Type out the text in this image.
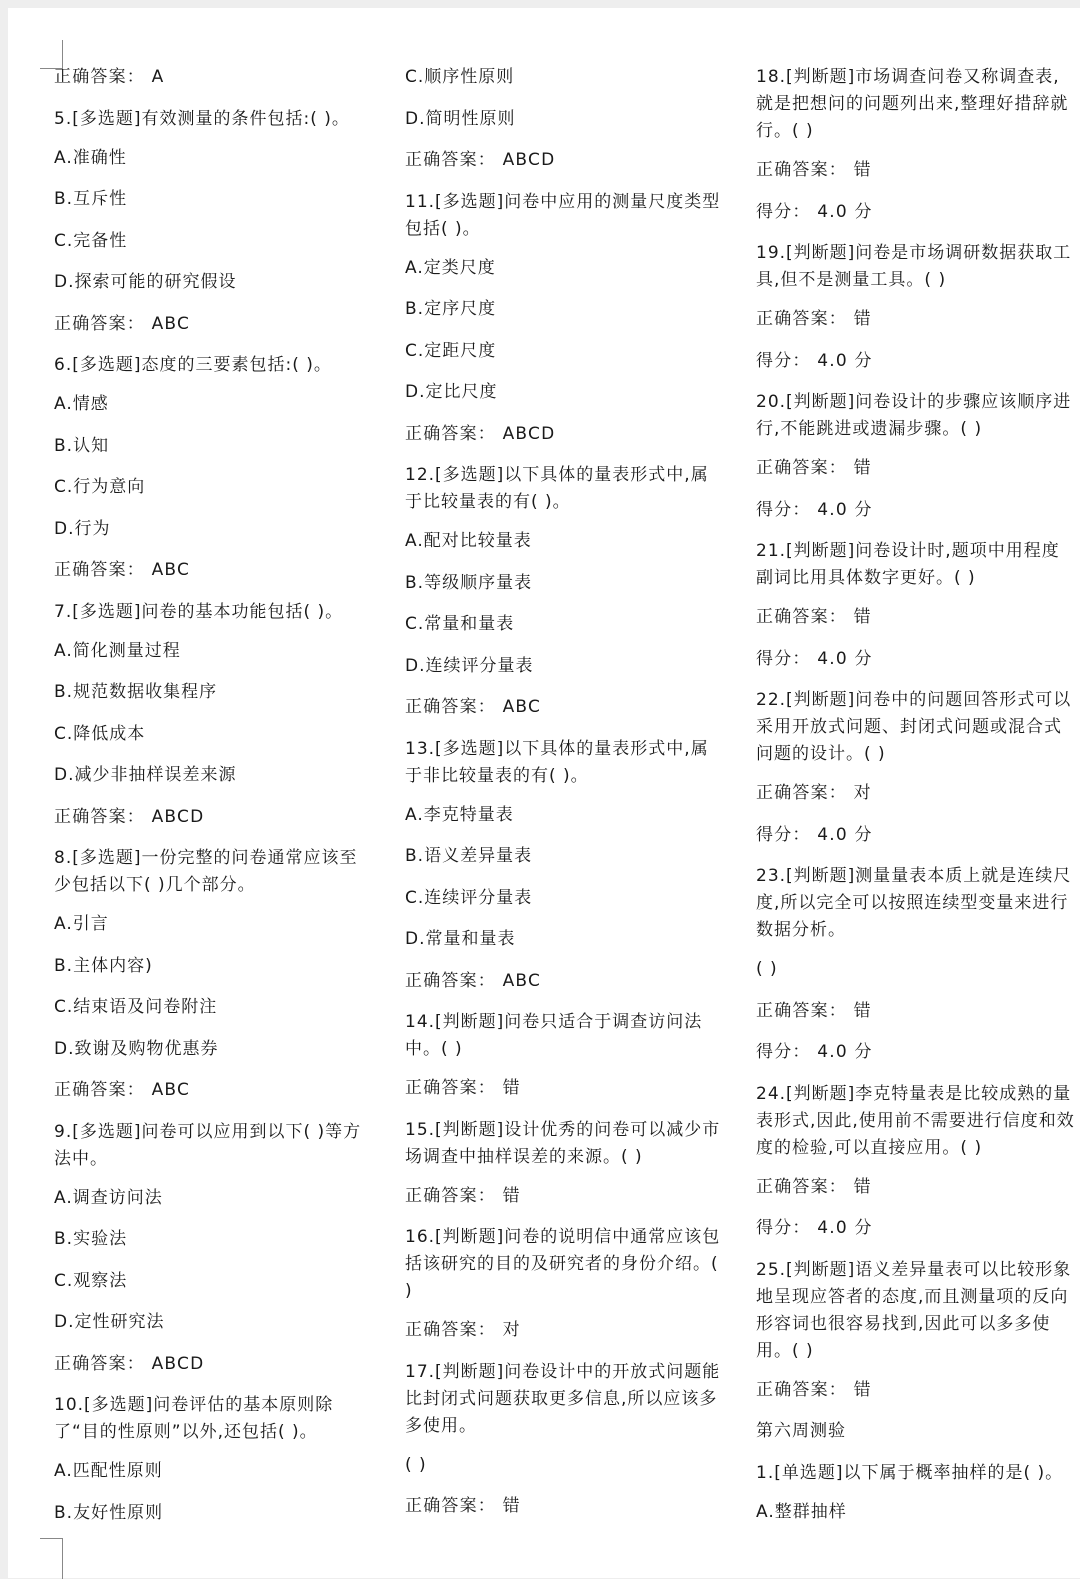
正确答案： A
5.[多选题]有效测量的条件包括:( )。
A.准确性
B.互斥性
C.完备性
D.探索可能的研究假设
正确答案： ABC
6.[多选题]态度的三要素包括:( )。
A.情感
B.认知
C.行为意向
D.行为
正确答案： ABC
7.[多选题]问卷的基本功能包括( )。
A.简化测量过程
B.规范数据收集程序
C.降低成本
D.减少非抽样误差来源
正确答案： ABCD
8.[多选题]一份完整的问卷通常应该至少包括以下( )几个部分。
A.引言
B.主体内容)
C.结束语及问卷附注
D.致谢及购物优惠券
正确答案： ABC
9.[多选题]问卷可以应用到以下( )等方法中。
A.调查访问法
B.实验法
C.观察法
D.定性研究法
正确答案： ABCD
10.[多选题]问卷评估的基本原则除了“目的性原则”以外,还包括( )。
A.匹配性原则
B.友好性原则
C.顺序性原则
D.简明性原则
正确答案： ABCD
11.[多选题]问卷中应用的测量尺度类型包括( )。
A.定类尺度
B.定序尺度
C.定距尺度
D.定比尺度
正确答案： ABCD
12.[多选题]以下具体的量表形式中,属于比较量表的有( )。
A.配对比较量表
B.等级顺序量表
C.常量和量表
D.连续评分量表
正确答案： ABC
13.[多选题]以下具体的量表形式中,属于非比较量表的有( )。
A.李克特量表
B.语义差异量表
C.连续评分量表
D.常量和量表
正确答案： ABC
14.[判断题]问卷只适合于调查访问法中。( )
正确答案： 错
15.[判断题]设计优秀的问卷可以减少市场调查中抽样误差的来源。( )
正确答案： 错
16.[判断题]问卷的说明信中通常应该包括该研究的目的及研究者的身份介绍。( )
正确答案： 对
17.[判断题]问卷设计中的开放式问题能比封闭式问题获取更多信息,所以应该多多使用。
( )
正确答案： 错
18.[判断题]市场调查问卷又称调查表,就是把想问的问题列出来,整理好措辞就行。( )
正确答案： 错
得分： 4.0 分
19.[判断题]问卷是市场调研数据获取工具,但不是测量工具。( )
正确答案： 错
得分： 4.0 分
20.[判断题]问卷设计的步骤应该顺序进行,不能跳进或遗漏步骤。( )
正确答案： 错
得分： 4.0 分
21.[判断题]问卷设计时,题项中用程度副词比用具体数字更好。( )
正确答案： 错
得分： 4.0 分
22.[判断题]问卷中的问题回答形式可以采用开放式问题、封闭式问题或混合式问题的设计。( )
正确答案： 对
得分： 4.0 分
23.[判断题]测量量表本质上就是连续尺度,所以完全可以按照连续型变量来进行数据分析。
( )
正确答案： 错
得分： 4.0 分
24.[判断题]李克特量表是比较成熟的量表形式,因此,使用前不需要进行信度和效度的检验,可以直接应用。( )
正确答案： 错
得分： 4.0 分
25.[判断题]语义差异量表可以比较形象地呈现应答者的态度,而且测量项的反向形容词也很容易找到,因此可以多多使用。( )
正确答案： 错
第六周测验
1.[单选题]以下属于概率抽样的是( )。
A.整群抽样
